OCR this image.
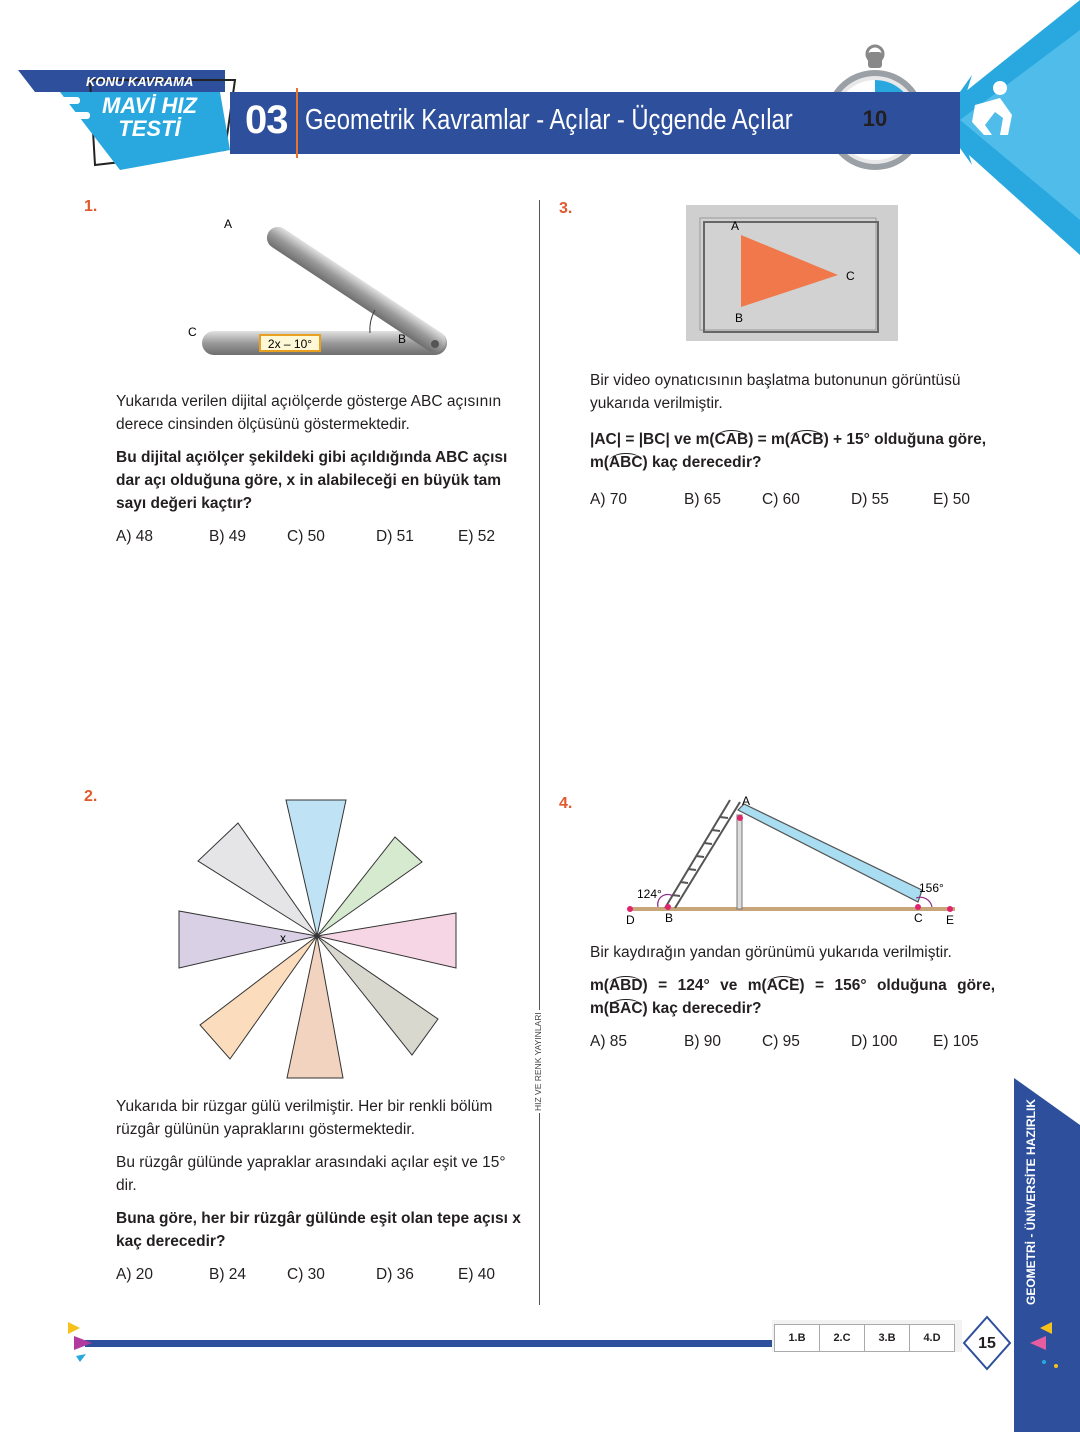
KONU KAVRAMA
MAVİ HIZ
TESTİ	03 Geometrik Kavramlar - Açılar - Üçgende Açılar	10
1.
2x – 10°
A
C	B
Yukarıda verilen dijital açıölçerde gösterge ABC açısının derece cinsinden ölçüsünü göstermektedir.
Bu dijital açıölçer şekildeki gibi açıldığında ABC açısı dar açı olduğuna göre, x in alabileceği en büyük tam sayı değeri kaçtır?
A) 48	B) 49	C) 50	D) 51	E) 52
2.
x
Yukarıda bir rüzgar gülü verilmiştir. Her bir renkli bölüm rüzgâr gülünün yapraklarını göstermektedir.
Bu rüzgâr gülünde yapraklar arasındaki açılar eşit ve 15° dir.
Buna göre, her bir rüzgâr gülünde eşit olan tepe açısı x kaç derecedir?
A) 20	B) 24	C) 30	D) 36	E) 40
HIZ VE RENK YAYINLARI
3.
A
B
C
Bir video oynatıcısının başlatma butonunun görüntüsü yukarıda verilmiştir.
|AC| = |BC| ve m(CAB) = m(ACB) + 15° olduğuna göre,
m(ABC) kaç derecedir?
A) 70	B) 65	C) 60	D) 55	E) 50
4.	A
B	C
D	E
124°	156°
Bir kaydırağın yandan görünümü yukarıda verilmiştir.
m(ABD) = 124° ve m(ACE) = 156° olduğuna göre,
m(BAC) kaç derecedir?
A) 85	B) 90	C) 95	D) 100	E) 105
GEOMETRİ - ÜNİVERSİTE HAZIRLIK
1.B	2.C	3.B	4.D	15
